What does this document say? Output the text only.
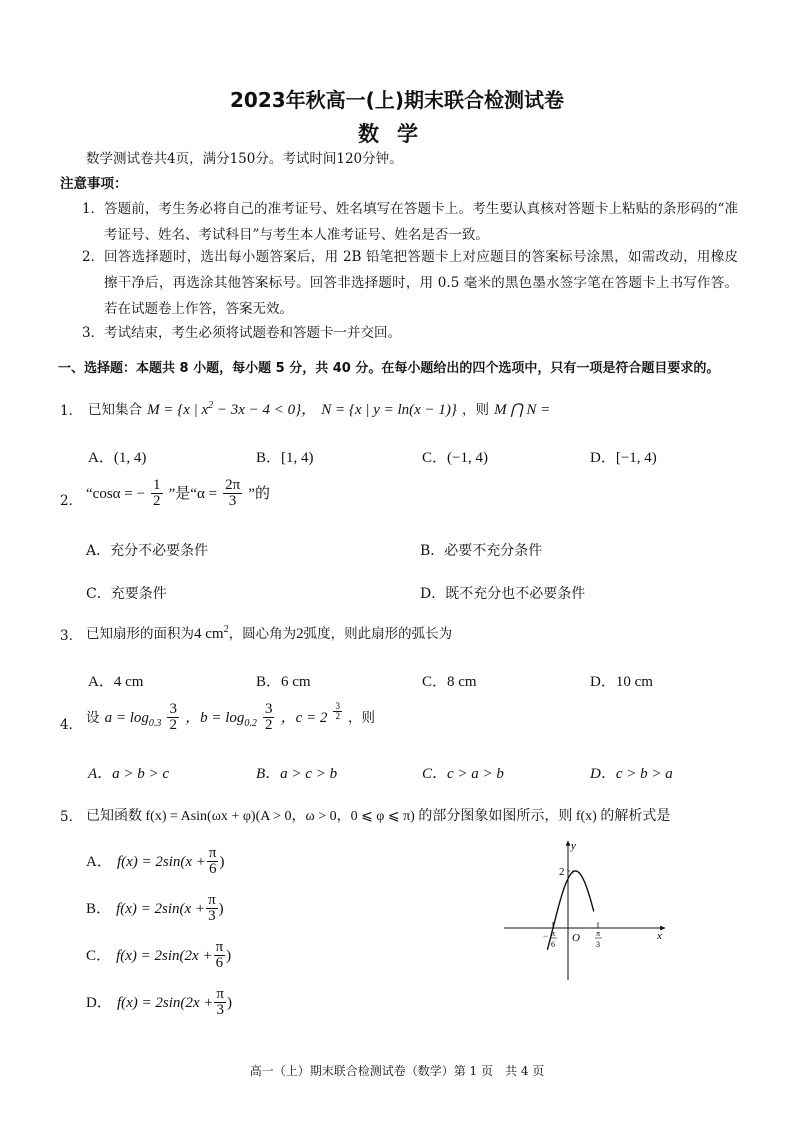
2023年秋高一(上)期末联合检测试卷
数学
数学测试卷共4页，满分150分。考试时间120分钟。
注意事项：
1． 答题前，考生务必将自己的准考证号、姓名填写在答题卡上。考生要认真核对答题卡上粘贴的条形码的“准考证号、姓名、考试科目”与考生本人准考证号、姓名是否一致。
2． 回答选择题时，选出每小题答案后，用 2B 铅笔把答题卡上对应题目的答案标号涂黑，如需改动，用橡皮擦干净后，再选涂其他答案标号。回答非选择题时，用 0.5 毫米的黑色墨水签字笔在答题卡上书写作答。若在试题卷上作答，答案无效。
3． 考试结束，考生必须将试题卷和答题卡一并交回。
一、选择题：本题共 8 小题，每小题 5 分，共 40 分。在每小题给出的四个选项中，只有一项是符合题目要求的。
1． 已知集合 M = {x | $x^2 - 3x - 4 < 0$}， N = {x | y = ln(x − 1)} ，则 M ⋂ N =
A．(1, 4)	B．[1, 4)	C．(−1, 4)	D．[−1, 4)
2． “cosα = − $\frac{1}{2}$ ”是“$\alpha = \frac{2\pi}{3}$ ”的
A．充分不必要条件	B．必要不充分条件
C．充要条件	D．既不充分也不必要条件
3． 已知扇形的面积为4 $cm^2$，圆心角为2弧度，则此扇形的弧长为
A．4 cm	B．6 cm	C．8 cm	D．10 cm
4． 设 $a = \log_{0.3} \frac{3}{2}$ ，$b = \log_{0.2} \frac{3}{2}$ ，$c = 2 \frac{3}{2}$ ，则
A．a > b > c	B．a > c > b	C．c > a > b	D．c > b > a
5． 已知函数 f(x) = Asin(ωx + φ)(A > 0，ω > 0，0 ⩽ φ ⩽ π) 的部分图象如图所示，则 f(x) 的解析式是
A． $f(x) = 2\sin(x + \frac{\pi}{6}$ )
B． $f(x) = 2\sin(x + \frac{\pi}{3}$ )
C． $f(x) = 2\sin(2x + \frac{\pi}{6}$ )
D． $f(x) = 2\sin(2x + \frac{\pi}{3}$ )
y
x
2
O
− π
6
π
3
高一（上）期末联合检测试卷（数学）第 1 页　共 4 页
